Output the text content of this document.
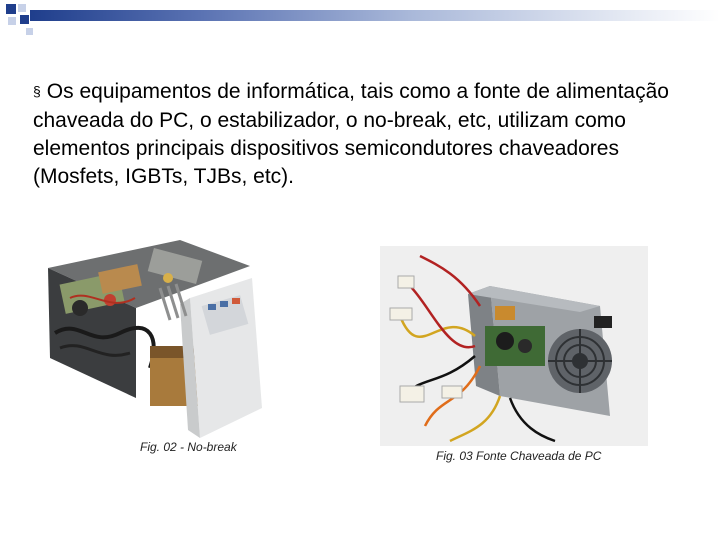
§ Os equipamentos de informática, tais como a fonte de alimentação chaveada do PC, o estabilizador, o no-break, etc, utilizam como elementos principais dispositivos semicondutores chaveadores (Mosfets, IGBTs, TJBs, etc).
Fig. 02 - No-break
Fig. 03 Fonte Chaveada de PC
